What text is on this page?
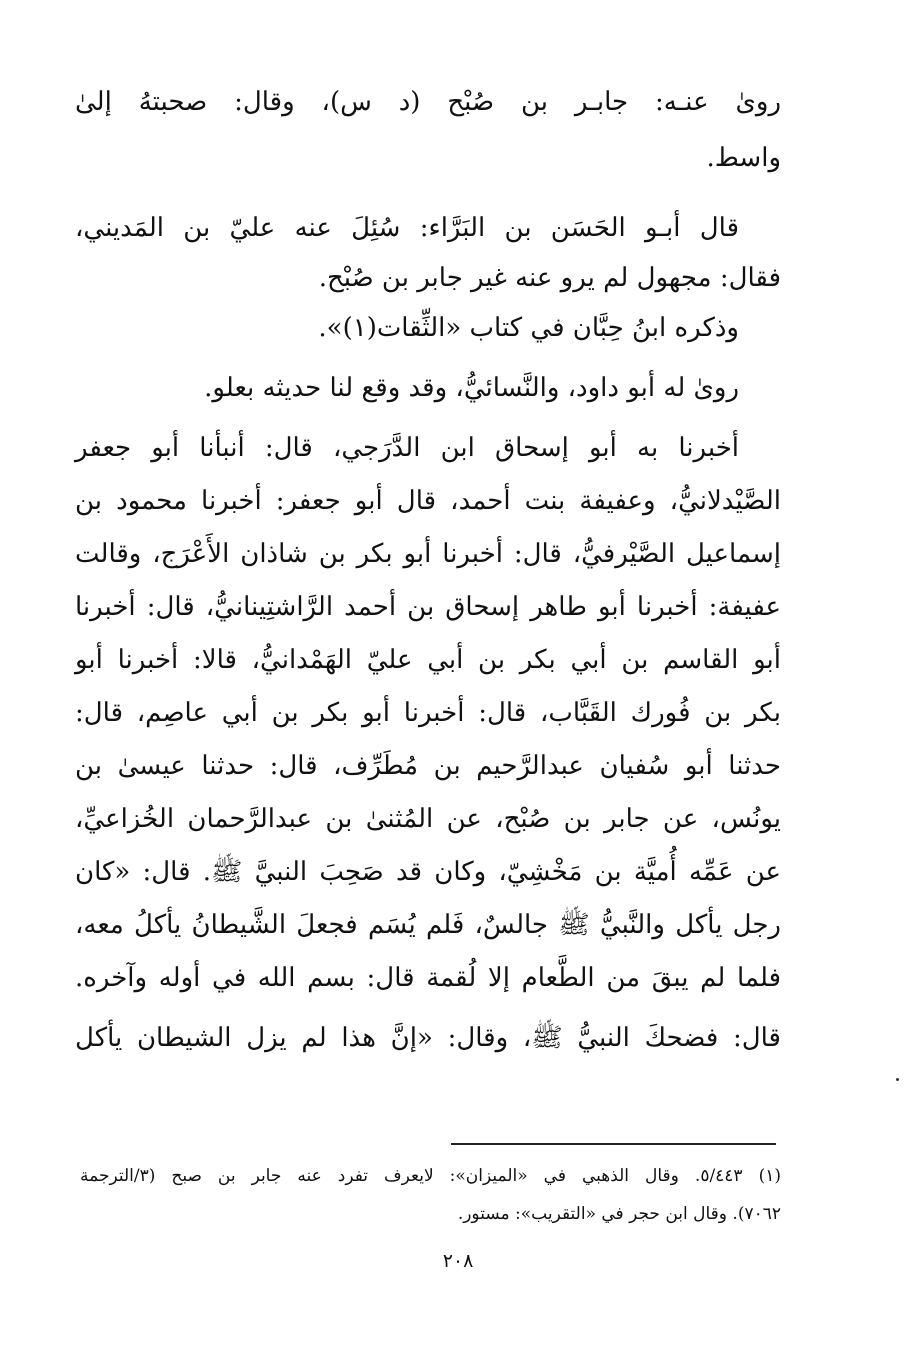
رویٰ عنـه: جابـر بن صُبْح (د س)، وقال: صحبتهُ إلىٰ
واسط.
قال أبـو الحَسَن بن البَرَّاء: سُئِلَ عنه عليّ بن المَديني،
فقال: مجهول لم يرو عنه غير جابر بن صُبْح.
وذكره ابنُ حِبَّان في كتاب «الثِّقات(١)».
رویٰ له أبو داود، والنَّسائيُّ، وقد وقع لنا حديثه بعلو.
أخبرنا به أبو إسحاق ابن الدَّرَجي، قال: أنبأنا أبو جعفر
الصَّيْدلانيُّ، وعفيفة بنت أحمد، قال أبو جعفر: أخبرنا محمود بن
إسماعيل الصَّيْرفيُّ، قال: أخبرنا أبو بكر بن شاذان الأَعْرَج، وقالت
عفيفة: أخبرنا أبو طاهر إسحاق بن أحمد الرَّاشتِينانيُّ، قال: أخبرنا
أبو القاسم بن أبي بكر بن أبي عليّ الهَمْدانيُّ، قالا: أخبرنا أبو
بكر بن فُورك القَبَّاب، قال: أخبرنا أبو بكر بن أبي عاصِم، قال:
حدثنا أبو سُفيان عبدالرَّحيم بن مُطَرِّف، قال: حدثنا عيسیٰ بن
يونُس، عن جابر بن صُبْح، عن المُثنیٰ بن عبدالرَّحمان الخُزاعيِّ،
عن عَمِّه أُميَّة بن مَخْشِيّ، وكان قد صَحِبَ النبيَّ ﷺ. قال: «كان
رجل يأكل والنَّبيُّ ﷺ جالسٌ، فَلم يُسَم فجعلَ الشَّيطانُ يأكلُ معه،
فلما لم يبقَ من الطَّعام إلا لُقمة قال: بسم الله في أوله وآخره.
قال: فضحكَ النبيُّ ﷺ، وقال: «إنَّ هذا لم يزل الشيطان يأكل
(١) ٥/٤٤٣. وقال الذهبي في «الميزان»: لايعرف تفرد عنه جابر بن صبح (٣/الترجمة
٧٠٦٢). وقال ابن حجر في «التقريب»: مستور.
٢٠٨
